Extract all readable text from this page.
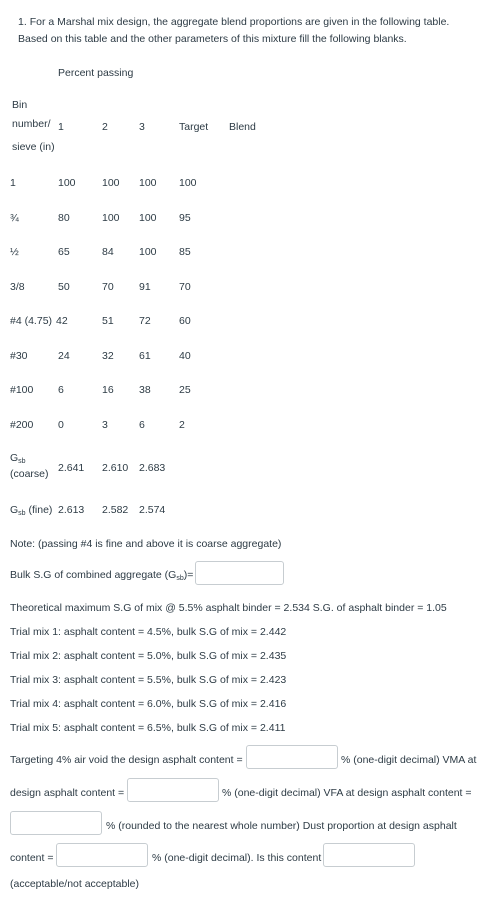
1. For a Marshal mix design, the aggregate blend proportions are given in the following table. Based on this table and the other parameters of this mixture fill the following blanks.
Percent passing
Bin
number/
sieve (in)
1	2	3	Target Blend
1	100	100 100 100
¾	80	100 100 95
½	65	84 100 85
3/8	50	70 91	70
#4 (4.75) 42	51 72	60
#30	24	32 61	40
#100 6	16 38	25
#200 0	3	6	2
$G_{sb}$
(coarse) 2.641 2.610 2.683
$G_{sb}$ (fine) 2.613 2.582 2.574
Note: (passing #4 is fine and above it is coarse aggregate)
Bulk S.G of combined aggregate $(G_{sb})=$
Theoretical maximum S.G of mix @ 5.5% asphalt binder = 2.534 S.G. of asphalt binder = 1.05
Trial mix 1: asphalt content = 4.5%, bulk S.G of mix = 2.442
Trial mix 2: asphalt content = 5.0%, bulk S.G of mix = 2.435
Trial mix 3: asphalt content = 5.5%, bulk S.G of mix = 2.423
Trial mix 4: asphalt content = 6.0%, bulk S.G of mix = 2.416
Trial mix 5: asphalt content = 6.5%, bulk S.G of mix = 2.411
Targeting 4% air void the design asphalt content =	% (one-digit decimal) VMA at
design asphalt content =	% (one-digit decimal) VFA at design asphalt content =
% (rounded to the nearest whole number) Dust proportion at design asphalt
content =	% (one-digit decimal). Is this content
(acceptable/not acceptable)
